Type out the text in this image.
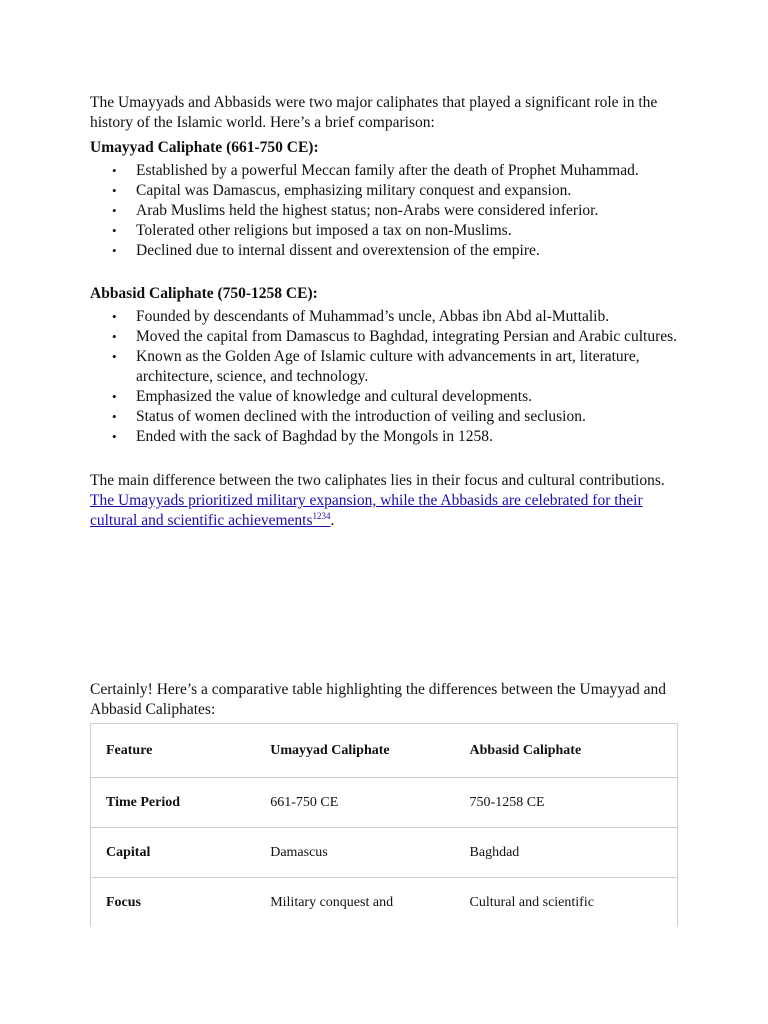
The Umayyads and Abbasids were two major caliphates that played a significant role in the history of the Islamic world. Here’s a brief comparison:

Umayyad Caliphate (661-750 CE):

• Established by a powerful Meccan family after the death of Prophet Muhammad.
• Capital was Damascus, emphasizing military conquest and expansion.
• Arab Muslims held the highest status; non-Arabs were considered inferior.
• Tolerated other religions but imposed a tax on non-Muslims.
• Declined due to internal dissent and overextension of the empire.

Abbasid Caliphate (750-1258 CE):

• Founded by descendants of Muhammad’s uncle, Abbas ibn Abd al-Muttalib.
• Moved the capital from Damascus to Baghdad, integrating Persian and Arabic cultures.
• Known as the Golden Age of Islamic culture with advancements in art, literature, architecture, science, and technology.
• Emphasized the value of knowledge and cultural developments.
• Status of women declined with the introduction of veiling and seclusion.
• Ended with the sack of Baghdad by the Mongols in 1258.

The main difference between the two caliphates lies in their focus and cultural contributions. The Umayyads prioritized military expansion, while the Abbasids are celebrated for their cultural and scientific achievements$^{1234}$.

Certainly! Here’s a comparative table highlighting the differences between the Umayyad and Abbasid Caliphates:

Feature	Umayyad Caliphate	Abbasid Caliphate
Time Period	661-750 CE	750-1258 CE
Capital	Damascus	Baghdad
Focus	Military conquest and	Cultural and scientific
